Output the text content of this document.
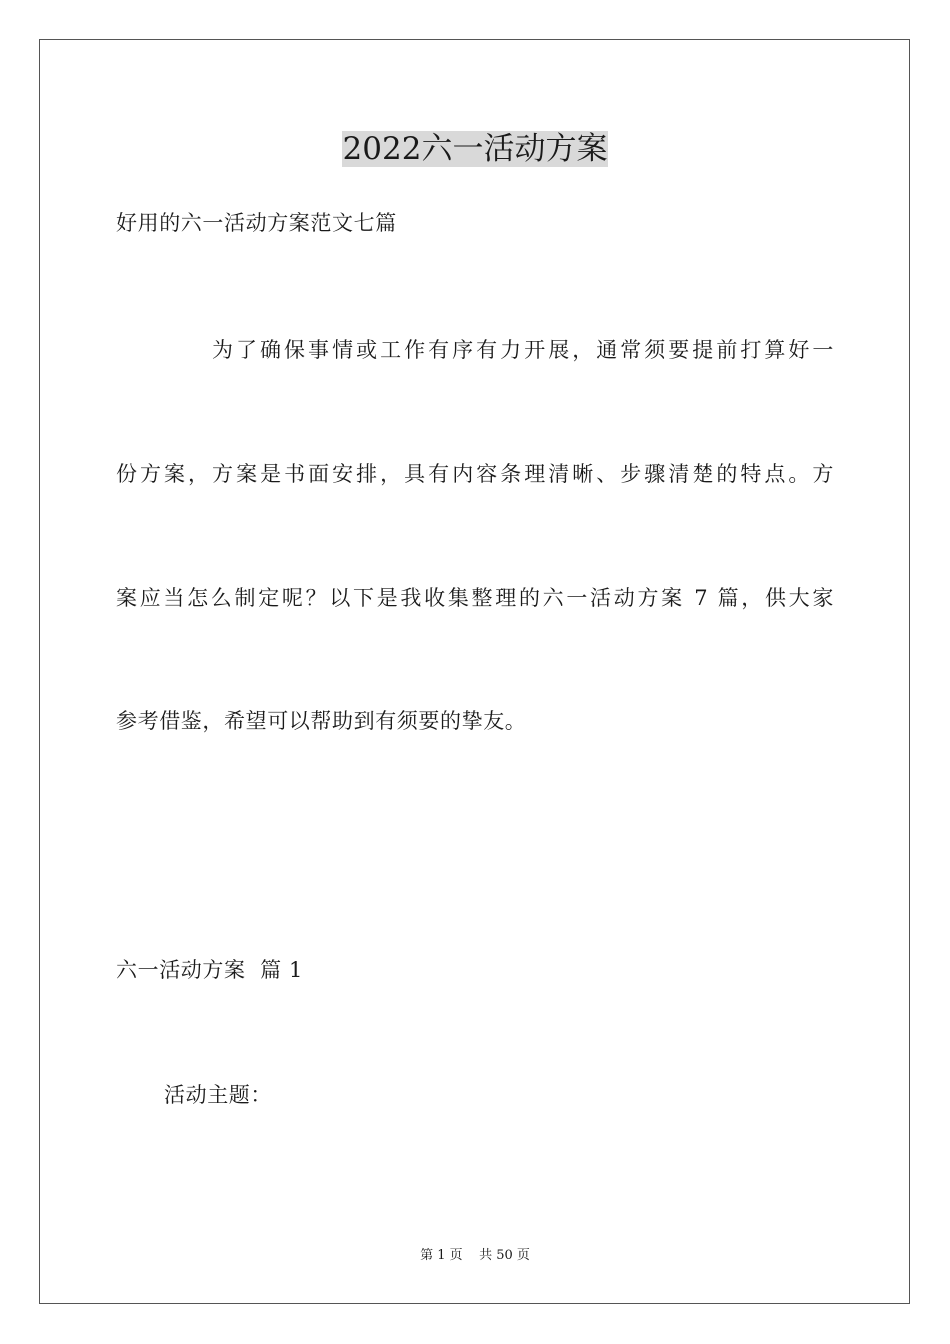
2022六一活动方案
好用的六一活动方案范文七篇
为了确保事情或工作有序有力开展，通常须要提前打算好一
份方案，方案是书面安排，具有内容条理清晰、步骤清楚的特点。方
案应当怎么制定呢？以下是我收集整理的六一活动方案 7 篇，供大家
参考借鉴，希望可以帮助到有须要的挚友。
六一活动方案  篇 1
活动主题：
第 1 页    共 50 页
